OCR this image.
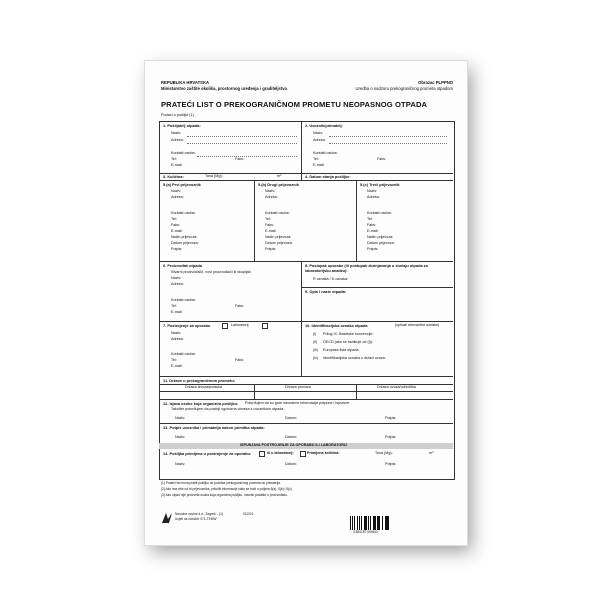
REPUBLIKA HRVATSKA
Ministarstvo zaštite okoliša, prostornog uređenja i graditeljstva
Obrazac PLPPNO
Uredba o nadzoru prekograničnog prometa otpadom
PRATEĆI LIST O PREKOGRANIČNOM PROMETU NEOPASNOG OTPADA
Podaci o pošiljci (1)
1. Pošiljatelj otpada:
Naziv:
Adresa:
Kontakt osoba:
Tel:	Faks:
E-mail:
2. Uvoznik/primatelj:
Naziv:
Adresa:
Kontakt osoba:
Tel:	Faks:
E-mail:
3. Količina:	Tona (Mg):	m³	4. Datum stanja pošiljke:
5.(a) Prvi prijevoznik
Naziv:
Adresa:
Kontakt osoba:
Tel:
Faks:
E-mail:
Način prijevoza:
Datum prijevoza:
Potpis:
5.(b) Drugi prijevoznik
Naziv:
Adresa:
Kontakt osoba:
Tel:
Faks:
E-mail:
Način prijevoza:
Datum prijevoza:
Potpis:
5.(c) Treći prijevoznik
Naziv:
Adresa:
Kontakt osoba:
Tel:
Faks:
E-mail:
Način prijevoza:
Datum prijevoza:
Potpis:
6. Proizvođač otpada
Stvarni proizvođač/i, novi proizvođač/i ili skupljač:
Naziv:
Adresa:
Kontakt osoba:
Tel:	Faks:
E-mail:
8. Postupak oporabe (ili postupak zbrinjavanja u slučaju otpada za laboratorijsku analizu):
R oznaka / D oznaka:
9. Opis i naziv otpada:
7. Postrojenje za oporabu	Laboratorij
Naziv:
Adresa:
Kontakt osoba:
Tel:	Faks:
E-mail:
10. Identifikacijska oznaka otpada	(upisati relevantne oznake)
(i) Prilog IX. Baselske konvencije:
(ii) OECD (ako se razlikuje od (i)):
(iii) Europska lista otpada:
(iv) Identifikacijska oznaka u državi uvoza:
11. Države u prekograničnom prometu:
Država izvoza/polaska	Država provoza	Država uvoza/odredišta
12. Izjava osobe koja organizira pošiljku: Potvrđujem da su gore navedene informacije potpune i ispravne.
Također potvrđujem da postoji ugovorna obveza s uvoznikom otpada.
Naziv:	Datum:	Potpis:
13. Potpis uvoznika / primatelja nakon primitka otpada:
Naziv:	Datum:	Potpis:
ISPUNJAVA POSTROJENJE ZA OPORABU ILI LABORATORIJ
14. Pošiljka primljena u postrojenje za oporabu:	ili u laboratorij:	Primljena količina:	Tona (Mg):	m³
Naziv:	Datum:	Potpis:
(1) Prateći list mora pratiti pošiljku od početka prekograničnog prometa do primatelja.
(2) Ako ima više od tri prijevoznika, priložiti informacije kako se traži u poljima 5(a), 5(b) i 5(c).
(3) Ako otpad nije proizvela osoba koja organizira pošiljku, navesti podatke o proizvođaču.
Narodne novine d.d., Zagreb – (1)
Uvjeti na naručiti: 071-TEMW
011021
3 850187 069403
